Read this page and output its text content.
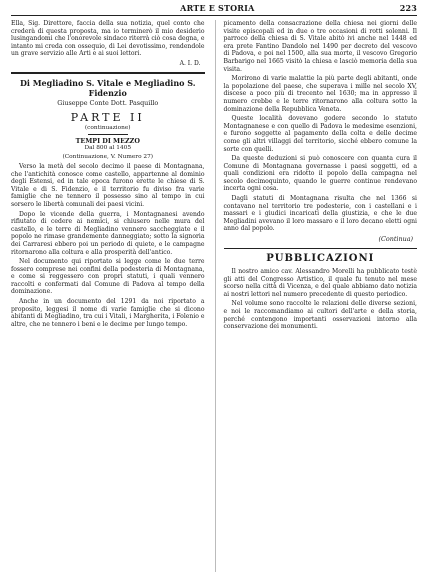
ARTE E STORIA	223

Ella, Sig. Direttore, faccia della sua notizia, quel conto che crederà di questa proposta, ma io terminerò il mio desiderio lusingandomi che l'onorevole sindaco riterrà ciò cosa degna, e intanto mi creda con ossequio, di Lei devotissimo, rendendole un grave servizio alle Arti e ai suoi lettori.

A. I. D.
Di Megliadino S. Vitale e Megliadino S. Fidenzio
Giuseppe Conte Dott. Pasquillo
PARTE II
(continuazione)
TEMPI DI MEZZO
Dal 800 al 1405
(Continuazione, V. Numero 27)

Verso la metà del secolo decimo il paese di Montagnana, che l'antichità conosce come castello, appartenne al dominio degli Estensi, ed in tale epoca furono erette le chiese di S. Vitale e di S. Fidenzio, e il territorio fu diviso fra varie famiglie che ne tennero il possesso sino al tempo in cui sorsero le libertà comunali dei paesi vicini.

Dopo le vicende della guerra, i Montagnanesi avendo rifiutato di cedere ai nemici, si chiusero nelle mura del castello, e le terre di Megliadino vennero saccheggiate e il popolo ne rimase grandemente danneggiato; sotto la signoria dei Carraresi ebbero poi un periodo di quiete, e le campagne ritornarono alla coltura e alla prosperità dell'antico.

Nel documento qui riportato si legge come le due terre fossero comprese nei confini della podesteria di Montagnana, e come si reggessero con propri statuti, i quali vennero raccolti e confermati dal Comune di Padova al tempo della dominazione.

Anche in un documento del 1291 da noi riportato a proposito, leggesi il nome di varie famiglie che si dicono abitanti di Megliadino, tra cui i Vitali, i Margherita, i Folenio e altre, che ne tennero i beni e le decime per lungo tempo.

picamento della consacrazione della chiesa nei giorni delle visite episcopali ed in due o tre occasioni di rotti solenni. Il parroco della chiesa di S. Vitale abitò ivi anche nel 1448 ed era prete Fantino Dandolo nel 1490 per decreto del vescovo di Padova, e poi nel 1500, alla sua morte, il vescovo Gregorio Barbarigo nel 1665 visitò la chiesa e lasciò memoria della sua visita.

Morirono di varie malattie la più parte degli abitanti, onde la popolazione del paese, che superava i mille nel secolo XV, discese a poco più di trecento nel 1630; ma in appresso il numero crebbe e le terre ritornarono alla coltura sotto la dominazione della Repubblica Veneta.

Queste località dovevano godere secondo lo statuto Montagnanese e con quello di Padova le medesime esenzioni, e furono soggette al pagamento della colta e delle decime come gli altri villaggi del territorio, sicché ebbero comune la sorte con quelli.

Da queste deduzioni si può conoscere con quanta cura il Comune di Montagnana governasse i paesi soggetti, ed a quali condizioni era ridotto il popolo della campagna nel secolo decimoquinto, quando le guerre continue rendevano incerta ogni cosa.

Dagli statuti di Montagnana risulta che nel 1366 si contavano nel territorio tre podesterie, con i castellani e i massari e i giudici incaricati della giustizia, e che le due Megliadini avevano il loro massaro e il loro decano eletti ogni anno dal popolo.

(Continua)
PUBBLICAZIONI

Il nostro amico cav. Alessandro Morelli ha pubblicato testè gli atti del Congresso Artistico, il quale fu tenuto nel mese scorso nella città di Vicenza, e del quale abbiamo dato notizia ai nostri lettori nel numero precedente di questo periodico.

Nel volume sono raccolte le relazioni delle diverse sezioni, e noi le raccomandiamo ai cultori dell'arte e della storia, perché contengono importanti osservazioni intorno alla conservazione dei monumenti.
